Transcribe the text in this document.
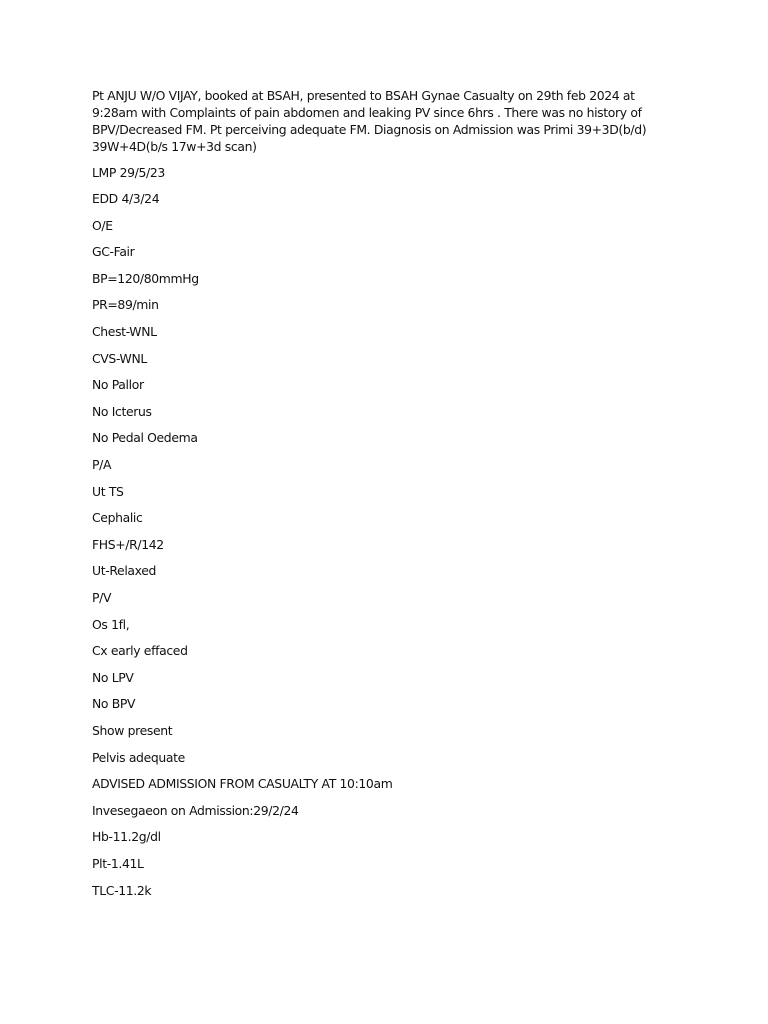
Pt ANJU W/O VIJAY, booked at BSAH, presented to BSAH Gynae Casualty on 29th feb 2024 at 9:28am with Complaints of pain abdomen and leaking PV since 6hrs . There was no history of BPV/Decreased FM. Pt perceiving adequate FM. Diagnosis on Admission was Primi 39+3D(b/d) 39W+4D(b/s 17w+3d scan)

LMP 29/5/23

EDD 4/3/24

O/E

GC-Fair

BP=120/80mmHg

PR=89/min

Chest-WNL

CVS-WNL

No Pallor

No Icterus

No Pedal Oedema

P/A

Ut TS

Cephalic

FHS+/R/142

Ut-Relaxed

P/V

Os 1fl,

Cx early effaced

No LPV

No BPV

Show present

Pelvis adequate

ADVISED ADMISSION FROM CASUALTY AT 10:10am

Invesegaeon on Admission:29/2/24

Hb-11.2g/dl

Plt-1.41L

TLC-11.2k
